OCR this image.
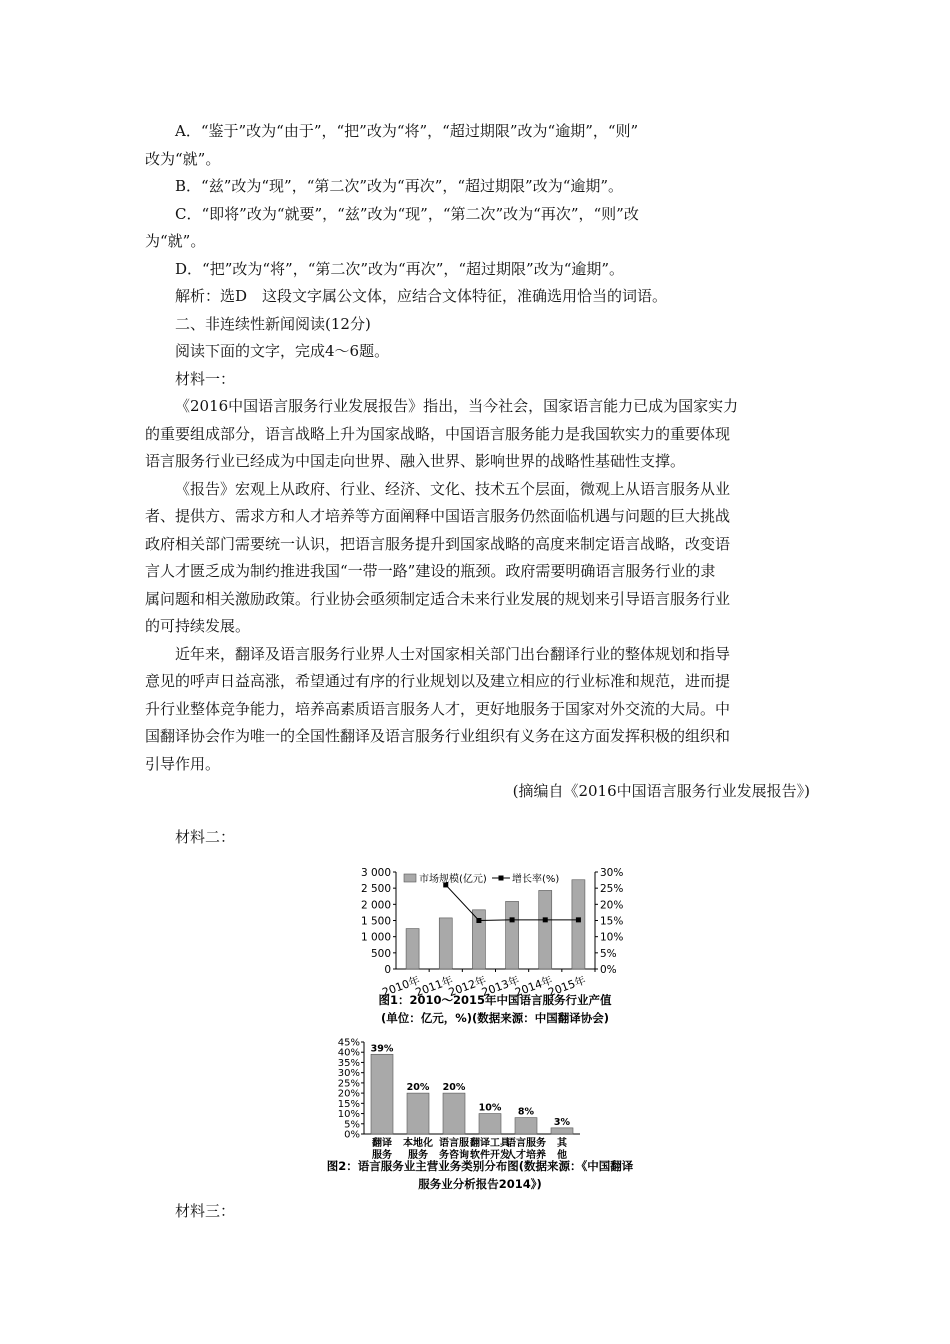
A．“鉴于”改为“由于”，“把”改为“将”，“超过期限”改为“逾期”，“则”

改为“就”。

B．“兹”改为“现”，“第二次”改为“再次”，“超过期限”改为“逾期”。

C．“即将”改为“就要”，“兹”改为“现”，“第二次”改为“再次”，“则”改

为“就”。

D．“把”改为“将”，“第二次”改为“再次”，“超过期限”改为“逾期”。

解析：选D　这段文字属公文体，应结合文体特征，准确选用恰当的词语。

二、非连续性新闻阅读(12分)

阅读下面的文字，完成4～6题。

材料一：

《2016中国语言服务行业发展报告》指出，当今社会，国家语言能力已成为国家实力

的重要组成部分，语言战略上升为国家战略，中国语言服务能力是我国软实力的重要体现

语言服务行业已经成为中国走向世界、融入世界、影响世界的战略性基础性支撑。

《报告》宏观上从政府、行业、经济、文化、技术五个层面，微观上从语言服务从业

者、提供方、需求方和人才培养等方面阐释中国语言服务仍然面临机遇与问题的巨大挑战

政府相关部门需要统一认识，把语言服务提升到国家战略的高度来制定语言战略，改变语

言人才匮乏成为制约推进我国“一带一路”建设的瓶颈。政府需要明确语言服务行业的隶

属问题和相关激励政策。行业协会亟须制定适合未来行业发展的规划来引导语言服务行业

的可持续发展。

近年来，翻译及语言服务行业界人士对国家相关部门出台翻译行业的整体规划和指导

意见的呼声日益高涨，希望通过有序的行业规划以及建立相应的行业标准和规范，进而提

升行业整体竞争能力，培养高素质语言服务人才，更好地服务于国家对外交流的大局。中

国翻译协会作为唯一的全国性翻译及语言服务行业组织有义务在这方面发挥积极的组织和

引导作用。

(摘编自《2016中国语言服务行业发展报告》)

材料二：

0
500
1 000
1 500
2 000
2 500
3 000
0%
5%
10%
15%
20%
25%
30%
2010年
2011年
2012年
2013年
2014年
2015年
市场规模(亿元)	增长率(%)
图1：2010～2015年中国语言服务行业产值
(单位：亿元，%)(数据来源：中国翻译协会)
0%
5%
10%
15%
20%
25%
30%
35%
40%
45%
39%
翻译
服务
20%
本地化
服务
20%
语言服
务咨询
10%
翻译工具
软件开发
8%
语言服务
人才培养
3%
其
他
图2：语言服务业主营业务类别分布图(数据来源：《中国翻译
服务业分析报告2014》)

材料三：
